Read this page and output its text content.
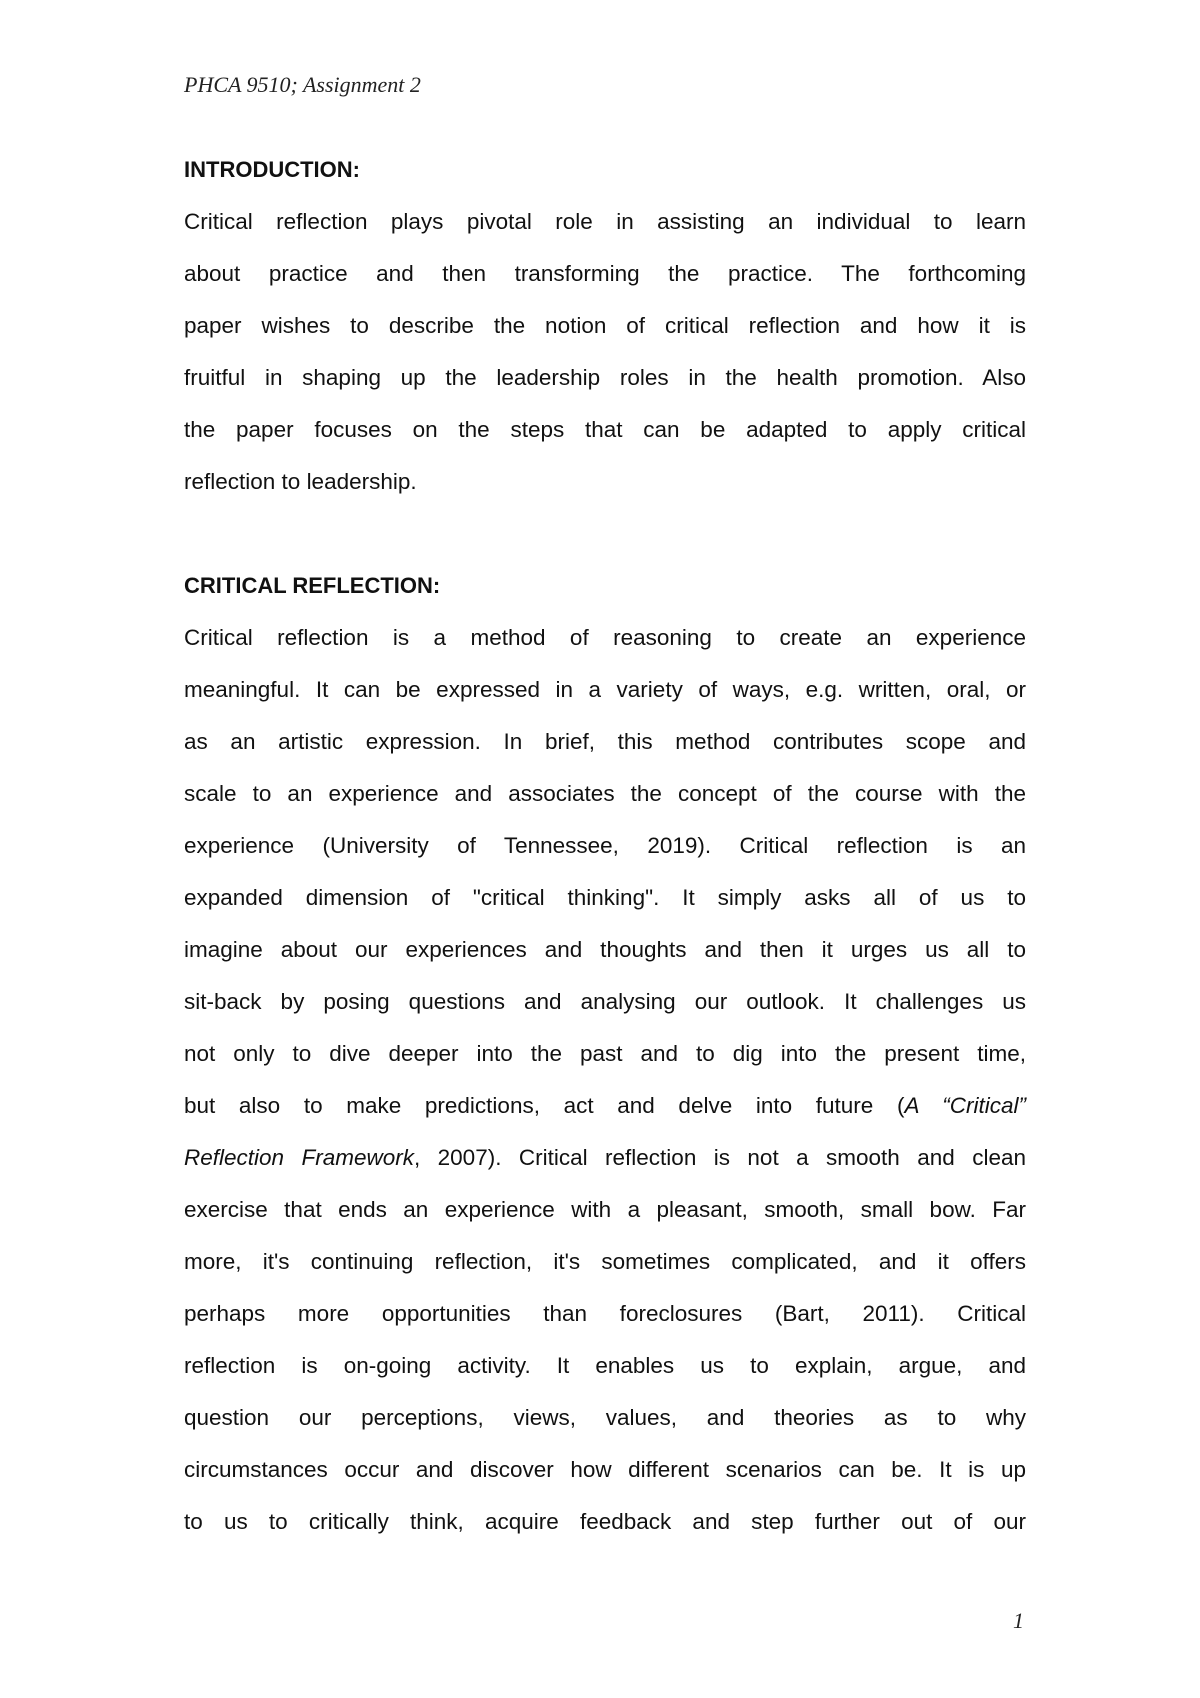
PHCA 9510; Assignment 2
INTRODUCTION:

Critical reflection plays pivotal role in assisting an individual to learn
about practice and then transforming the practice. The forthcoming
paper wishes to describe the notion of critical reflection and how it is
fruitful in shaping up the leadership roles in the health promotion. Also
the paper focuses on the steps that can be adapted to apply critical
reflection to leadership.

CRITICAL REFLECTION:

Critical reflection is a method of reasoning to create an experience
meaningful. It can be expressed in a variety of ways, e.g. written, oral, or
as an artistic expression. In brief, this method contributes scope and
scale to an experience and associates the concept of the course with the
experience (University of Tennessee, 2019). Critical reflection is an
expanded dimension of "critical thinking". It simply asks all of us to
imagine about our experiences and thoughts and then it urges us all to
sit-back by posing questions and analysing our outlook. It challenges us
not only to dive deeper into the past and to dig into the present time,
but also to make predictions, act and delve into future (A “Critical”
Reflection Framework, 2007). Critical reflection is not a smooth and clean
exercise that ends an experience with a pleasant, smooth, small bow. Far
more, it's continuing reflection, it's sometimes complicated, and it offers
perhaps more opportunities than foreclosures (Bart, 2011). Critical
reflection is on-going activity. It enables us to explain, argue, and
question our perceptions, views, values, and theories as to why
circumstances occur and discover how different scenarios can be. It is up
to us to critically think, acquire feedback and step further out of our

1
